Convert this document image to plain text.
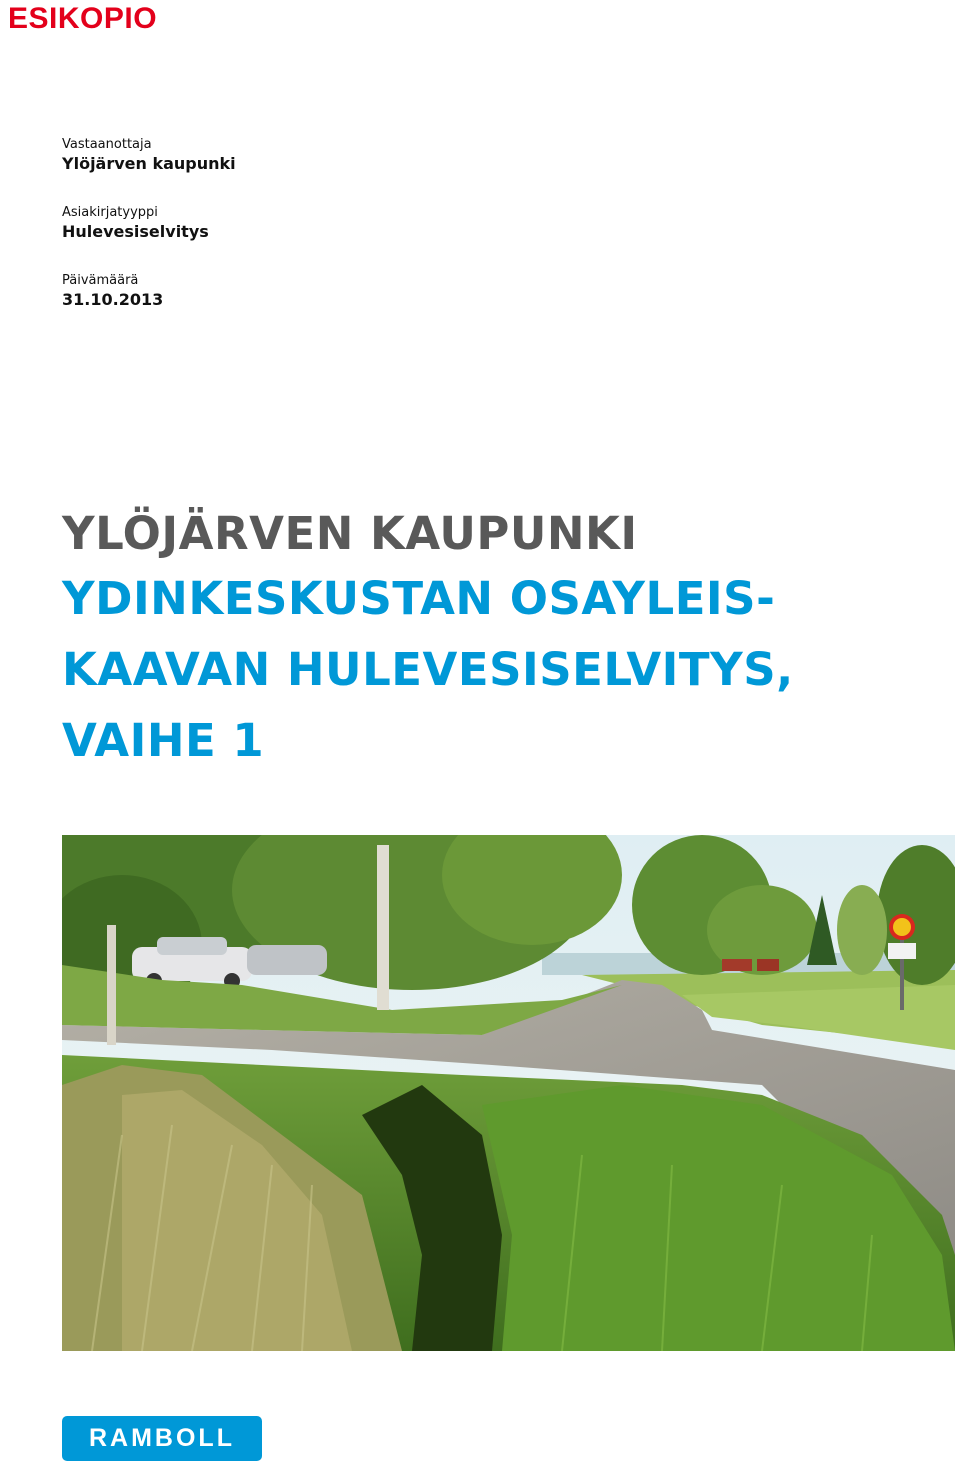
ESIKOPIO
Vastaanottaja
Ylöjärven kaupunki
Asiakirjatyyppi
Hulevesiselvitys
Päivämäärä
31.10.2013
YLÖJÄRVEN KAUPUNKI
YDINKESKUSTAN OSAYLEIS-
KAAVAN HULEVESISELVITYS,
VAIHE 1
RAMBOLL
